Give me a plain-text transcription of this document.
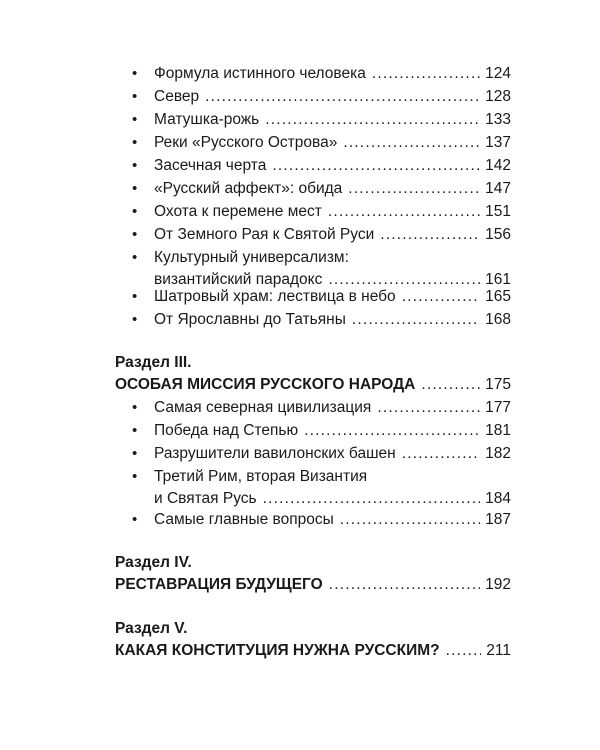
• Формула истинного человека .....	124
• Север .....	128
• Матушка-рожь .....	133
• Реки «Русского Острова» .....	137
• Засечная черта .....	142
• «Русский аффект»: обида .....	147
• Охота к перемене мест .....	151
• От Земного Рая к Святой Руси .....	156
• Культурный универсализм:
византийский парадокс .....	161
• Шатровый храм: лествица в небо .....	165
• От Ярославны до Татьяны .....	168
Раздел III.
ОСОБАЯ МИССИЯ РУССКОГО НАРОДА .....	175
• Самая северная цивилизация .....	177
• Победа над Степью .....	181
• Разрушители вавилонских башен .....	182
• Третий Рим, вторая Византия
и Святая Русь .....	184
• Самые главные вопросы .....	187
Раздел IV.
РЕСТАВРАЦИЯ БУДУЩЕГО .....	192
Раздел V.
КАКАЯ КОНСТИТУЦИЯ НУЖНА РУССКИМ? .....	211
